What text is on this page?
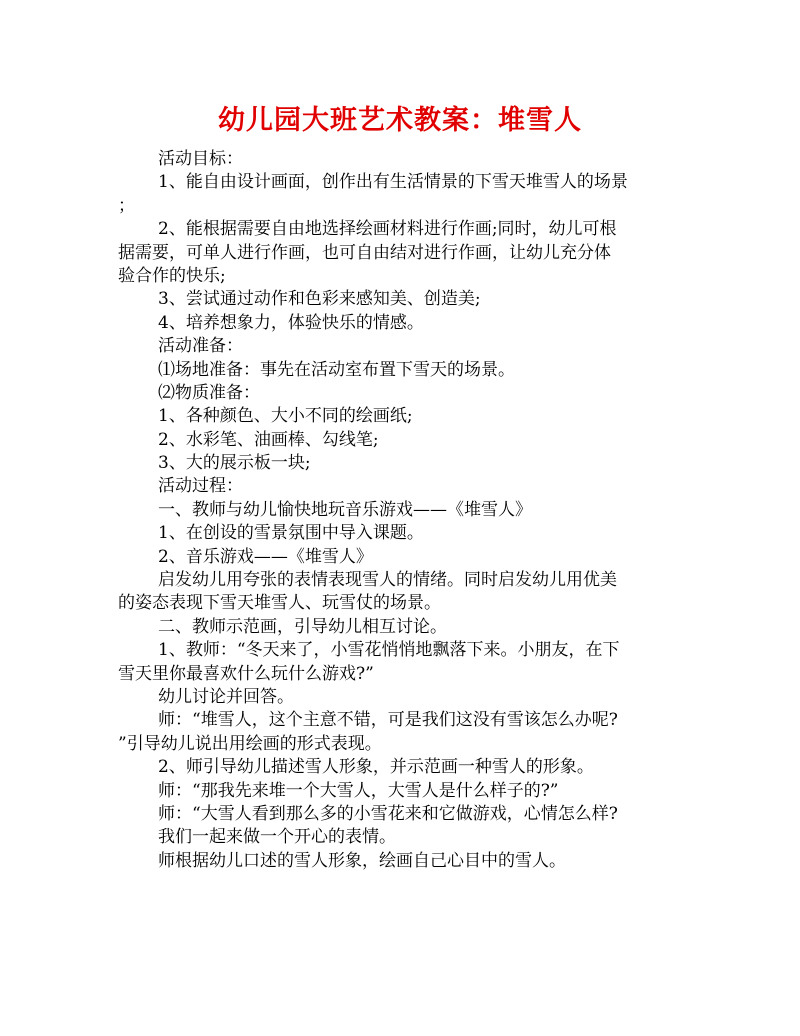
幼儿园大班艺术教案：堆雪人

活动目标：

1、能自由设计画面，创作出有生活情景的下雪天堆雪人的场景

；

2、能根据需要自由地选择绘画材料进行作画;同时，幼儿可根

据需要，可单人进行作画，也可自由结对进行作画，让幼儿充分体

验合作的快乐;

3、尝试通过动作和色彩来感知美、创造美;

4、培养想象力，体验快乐的情感。

活动准备：

⑴场地准备：事先在活动室布置下雪天的场景。

⑵物质准备：

1、各种颜色、大小不同的绘画纸;

2、水彩笔、油画棒、勾线笔;

3、大的展示板一块;

活动过程：

一、教师与幼儿愉快地玩音乐游戏——《堆雪人》

1、在创设的雪景氛围中导入课题。

2、音乐游戏——《堆雪人》

启发幼儿用夸张的表情表现雪人的情绪。同时启发幼儿用优美

的姿态表现下雪天堆雪人、玩雪仗的场景。

二、教师示范画，引导幼儿相互讨论。

1、教师：“冬天来了，小雪花悄悄地飘落下来。小朋友，在下

雪天里你最喜欢什么玩什么游戏?”

幼儿讨论并回答。

师：“堆雪人，这个主意不错，可是我们这没有雪该怎么办呢?

”引导幼儿说出用绘画的形式表现。

2、师引导幼儿描述雪人形象，并示范画一种雪人的形象。

师：“那我先来堆一个大雪人，大雪人是什么样子的?”

师：“大雪人看到那么多的小雪花来和它做游戏，心情怎么样?

我们一起来做一个开心的表情。

师根据幼儿口述的雪人形象，绘画自己心目中的雪人。
